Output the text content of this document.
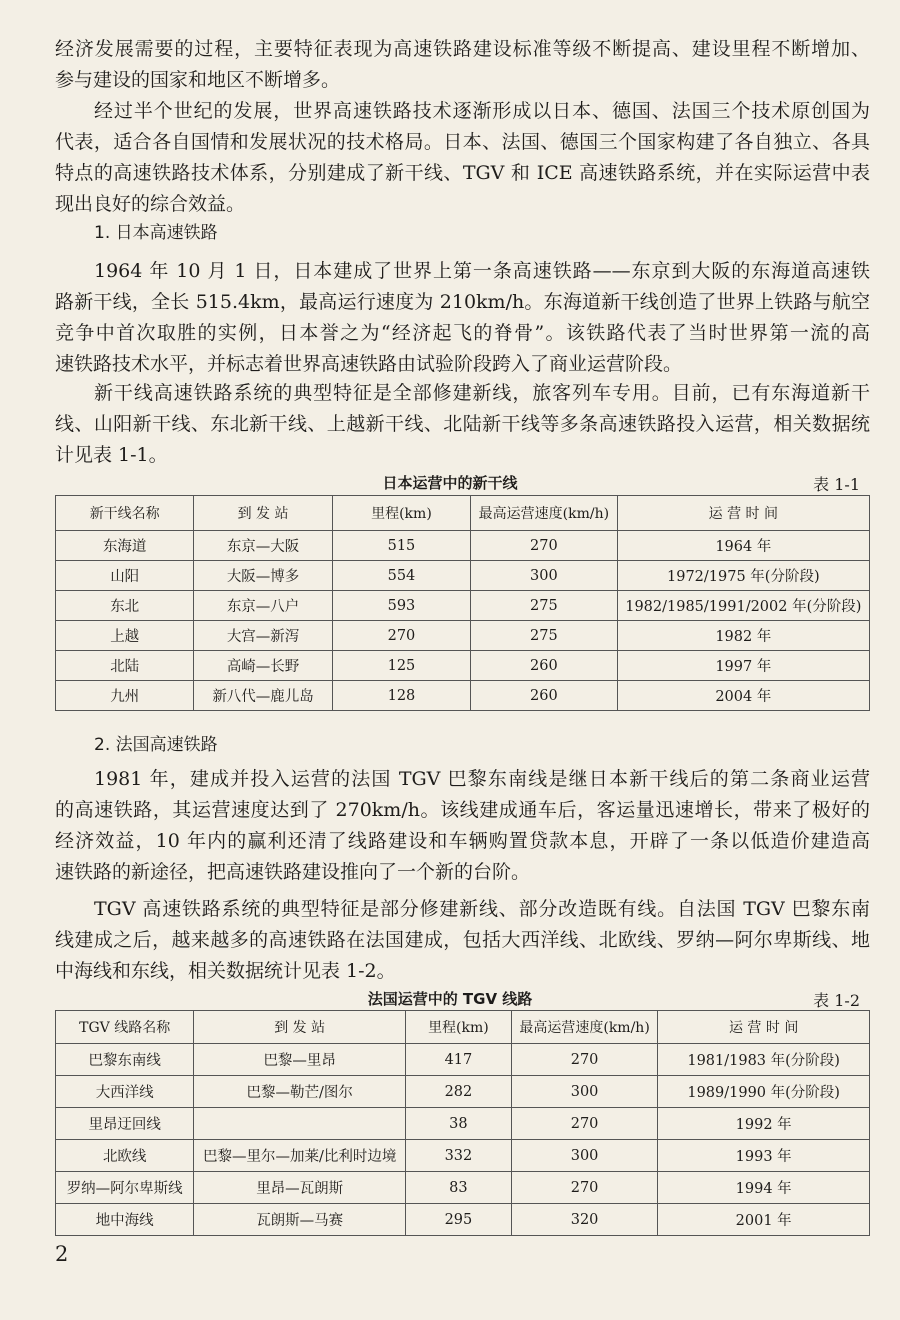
经济发展需要的过程，主要特征表现为高速铁路建设标准等级不断提高、建设里程不断增加、
参与建设的国家和地区不断增多。
经过半个世纪的发展，世界高速铁路技术逐渐形成以日本、德国、法国三个技术原创国为
代表，适合各自国情和发展状况的技术格局。日本、法国、德国三个国家构建了各自独立、各具
特点的高速铁路技术体系，分别建成了新干线、TGV 和 ICE 高速铁路系统，并在实际运营中表
现出良好的综合效益。
1964 年 10 月 1 日，日本建成了世界上第一条高速铁路——东京到大阪的东海道高速铁
路新干线，全长 515.4km，最高运行速度为 210km/h。东海道新干线创造了世界上铁路与航空
竞争中首次取胜的实例，日本誉之为“经济起飞的脊骨”。该铁路代表了当时世界第一流的高
速铁路技术水平，并标志着世界高速铁路由试验阶段跨入了商业运营阶段。
新干线高速铁路系统的典型特征是全部修建新线，旅客列车专用。目前，已有东海道新干
线、山阳新干线、东北新干线、上越新干线、北陆新干线等多条高速铁路投入运营，相关数据统
计见表 1-1。
1981 年，建成并投入运营的法国 TGV 巴黎东南线是继日本新干线后的第二条商业运营
的高速铁路，其运营速度达到了 270km/h。该线建成通车后，客运量迅速增长，带来了极好的
经济效益，10 年内的赢利还清了线路建设和车辆购置贷款本息，开辟了一条以低造价建造高
速铁路的新途径，把高速铁路建设推向了一个新的台阶。
TGV 高速铁路系统的典型特征是部分修建新线、部分改造既有线。自法国 TGV 巴黎东南
线建成之后，越来越多的高速铁路在法国建成，包括大西洋线、北欧线、罗纳—阿尔卑斯线、地
中海线和东线，相关数据统计见表 1-2。
1. 日本高速铁路
2. 法国高速铁路
日本运营中的新干线	表 1-1
新干线名称	到 发 站	里程(km)	最高运营速度(km/h)	运 营 时 间
东海道	东京—大阪	515	270	1964 年
山阳	大阪—博多	554	300	1972/1975 年(分阶段)
东北	东京—八户	593	275	1982/1985/1991/2002 年(分阶段)
上越	大宫—新泻	270	275	1982 年
北陆	高崎—长野	125	260	1997 年
九州	新八代—鹿儿岛	128	260	2004 年
法国运营中的 TGV 线路	表 1-2
TGV 线路名称	到 发 站	里程(km)	最高运营速度(km/h)	运 营 时 间
巴黎东南线	巴黎—里昂	417	270	1981/1983 年(分阶段)
大西洋线	巴黎—勒芒/图尔	282	300	1989/1990 年(分阶段)
里昂迂回线		38	270	1992 年
北欧线	巴黎—里尔—加莱/比利时边境	332	300	1993 年
罗纳—阿尔卑斯线	里昂—瓦朗斯	83	270	1994 年
地中海线	瓦朗斯—马赛	295	320	2001 年
2
